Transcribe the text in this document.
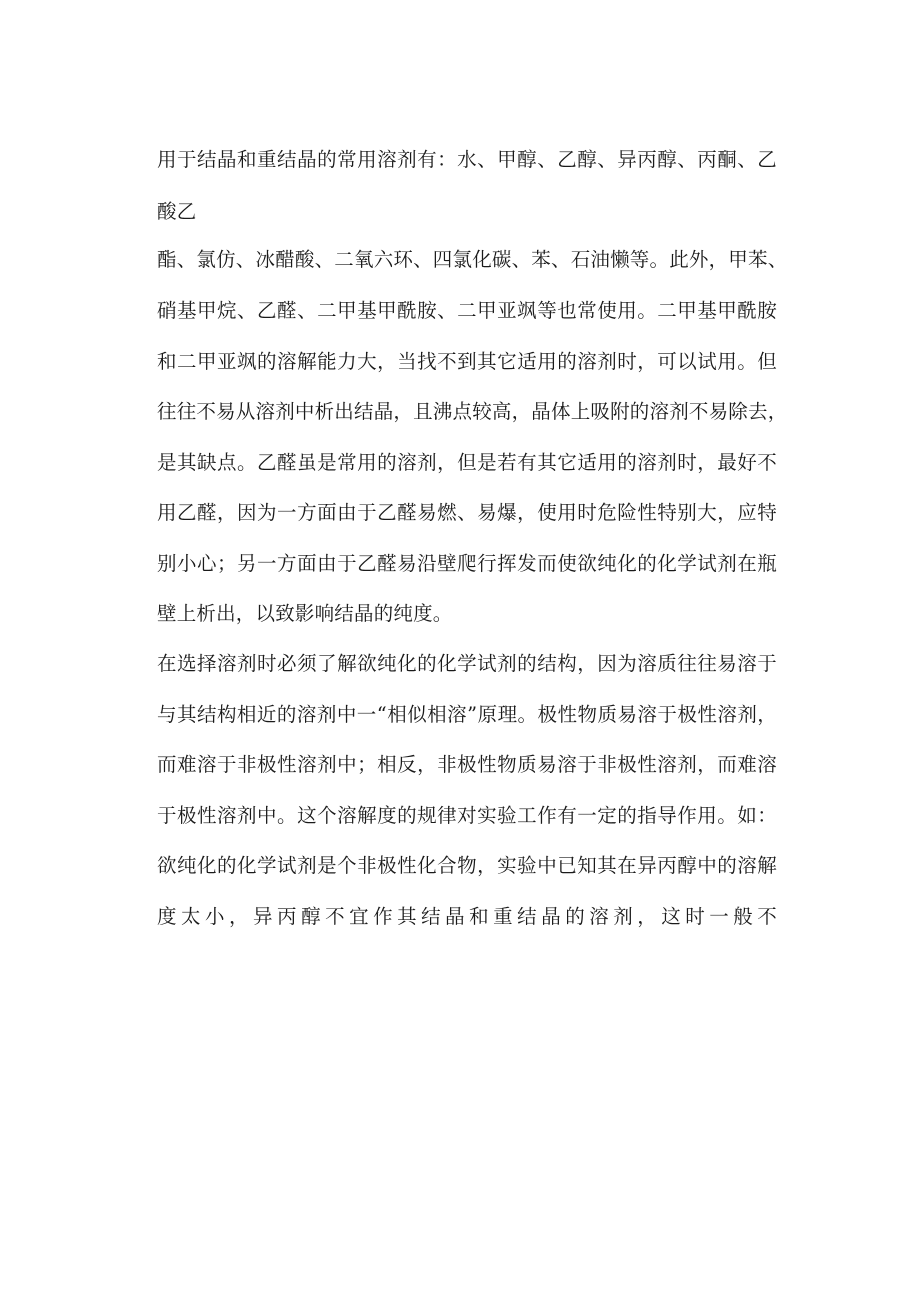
用于结晶和重结晶的常用溶剂有：水、甲醇、乙醇、异丙醇、丙酮、乙
酸乙
酯、氯仿、冰醋酸、二氧六环、四氯化碳、苯、石油懒等。此外，甲苯、
硝基甲烷、乙醛、二甲基甲酰胺、二甲亚飒等也常使用。二甲基甲酰胺
和二甲亚飒的溶解能力大，当找不到其它适用的溶剂时，可以试用。但
往往不易从溶剂中析出结晶，且沸点较高，晶体上吸附的溶剂不易除去，
是其缺点。乙醛虽是常用的溶剂，但是若有其它适用的溶剂时，最好不
用乙醛，因为一方面由于乙醛易燃、易爆，使用时危险性特别大，应特
别小心；另一方面由于乙醛易沿壁爬行挥发而使欲纯化的化学试剂在瓶
壁上析出，以致影响结晶的纯度。
在选择溶剂时必须了解欲纯化的化学试剂的结构，因为溶质往往易溶于
与其结构相近的溶剂中一“相似相溶”原理。极性物质易溶于极性溶剂，
而难溶于非极性溶剂中；相反，非极性物质易溶于非极性溶剂，而难溶
于极性溶剂中。这个溶解度的规律对实验工作有一定的指导作用。如：
欲纯化的化学试剂是个非极性化合物，实验中已知其在异丙醇中的溶解
度太小，异丙醇不宜作其结晶和重结晶的溶剂，这时一般不
